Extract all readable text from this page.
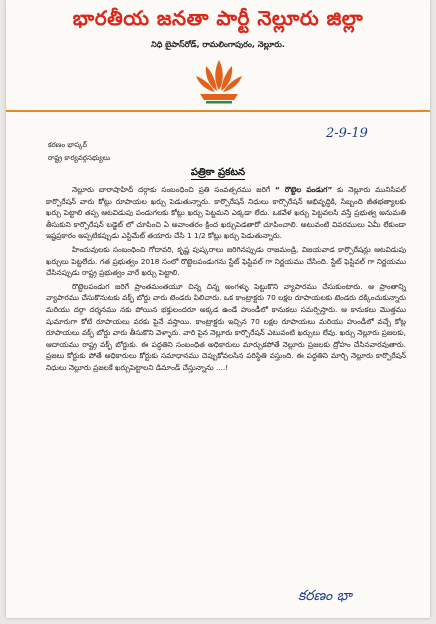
భారతీయ జనతా పార్టీ నెల్లూరు జిల్లా
నిధి బైపాస్‌రోడ్, రామలింగాపురం, నెల్లూరు.
2-9-19
కరణం భాస్కర్
రాష్ట్ర కార్యవర్గసభ్యులు
పత్రికా ప్రకటన

నెల్లూరు బారాషాహిద్ దర్గాకు సంబంధించి ప్రతి సంవత్సరము జరిగే “ రొట్టెల పండుగ” కు నెల్లూరు మునిసిపల్ కార్పొరేషన్ వారు కోట్లు రూపాయల ఖర్చు పెడుతున్నారు. కార్పొరేషన్ నిధులు కార్పొరేషన్ అభివృద్ధికి, సిబ్బంది జీతభత్యాలకు ఖర్చు పెట్టాలి తప్ప ఆటవిడుపు పండుగలకు కోట్లు ఖర్చు పెట్టమని ఎక్కడా లేదు. ఒకవేళ ఖర్చు పెట్టవలసి వస్తే ప్రభుత్వ అనుమతి తీసుకుని కార్పొరేషన్ బడ్జెట్ లో చూపించి ఏ అవాంతరం క్రింద ఖర్చుపెడతారో చూపించాలి. అటువంటి వివరములు ఏమీ లేకుండా ఇష్టప్రకారం అప్పటికప్పుడు ఎస్టిమేట్ తయారు చేసి 1 1/2 కోట్లు ఖర్చు పెడుతున్నారు.

హిందువులకు సంబంధించి గోదావరి, కృష్ణ పుష్కరాలు జరిగినప్పుడు రాజమండ్రి, విజయవాడ కార్పొరేషన్లు ఆటవిడుపు ఖర్చులు పెట్టలేదు. గత ప్రభుత్వం 2018 సంలో రొట్టెలపండుగను స్టేట్ ఫెస్టివల్ గా నిర్ణయము చేసింది. స్టేట్ ఫెస్టివల్ గా నిర్ణయము చేసినప్పుడు రాష్ట్ర ప్రభుత్వం వారే ఖర్చు పెట్టాలి.

రొట్టెలపండుగ జరిగే ప్రాంతమంతయూ చిన్న చిన్న అంగళ్ళు పెట్టుకొని వ్యాపారము చేసుకుంటారు. ఆ ప్రాంతాన్ని వ్యాపారము చేసుకొనుటకు వక్ఫ్ బోర్డు వారు టెండరు పిలిచారు. ఒక కాంట్రాక్టరు 70 లక్షల రూపాయలకు టెండరు దక్కించుకున్నారు మరియు దర్గా దర్శనము నకు పోయిన భక్తులందరూ అక్కడ ఉండే హుండీలో కానుకలు సమర్పిస్తారు. ఆ కానుకలు మొత్తము షుమారుగా కోటి రూపాయలు వరకు పైనే వస్తాయి. కాంట్రాక్టరు ఇచ్చిన 70 లక్షల రూపాయలు మరియు హుండీలో వచ్చే కోట్ల రూపాయలు వక్ఫ్ బోర్డు వారు తీసుకొని వెళ్ళారు. వారి పైన నెల్లూరు కార్పొరేషన్ ఎటువంటి ఖర్చులు లేవు. ఖర్చు నెల్లూరు ప్రజలకు, ఆదాయము రాష్ట్ర వక్ఫ్ బోర్డుకు. ఈ పద్ధతిని సంబంధిత అధికారులు మార్చుకపోతే నెల్లూరు ప్రజలకు ద్రోహం చేసినవారవుతారు. ప్రజలు కోర్టుకు పోతే అధికారులు కోర్టుకు సమాధానము చెప్పుకోవలసిన పరిస్థితి వస్తుంది. ఈ పద్ధతిని మార్చి నెల్లూరు కార్పొరేషన్ నిధులు నెల్లూరు ప్రజలకే ఖర్చుపెట్టాలని డిమాండ్ చేస్తున్నాను ....!

కరణం భా
